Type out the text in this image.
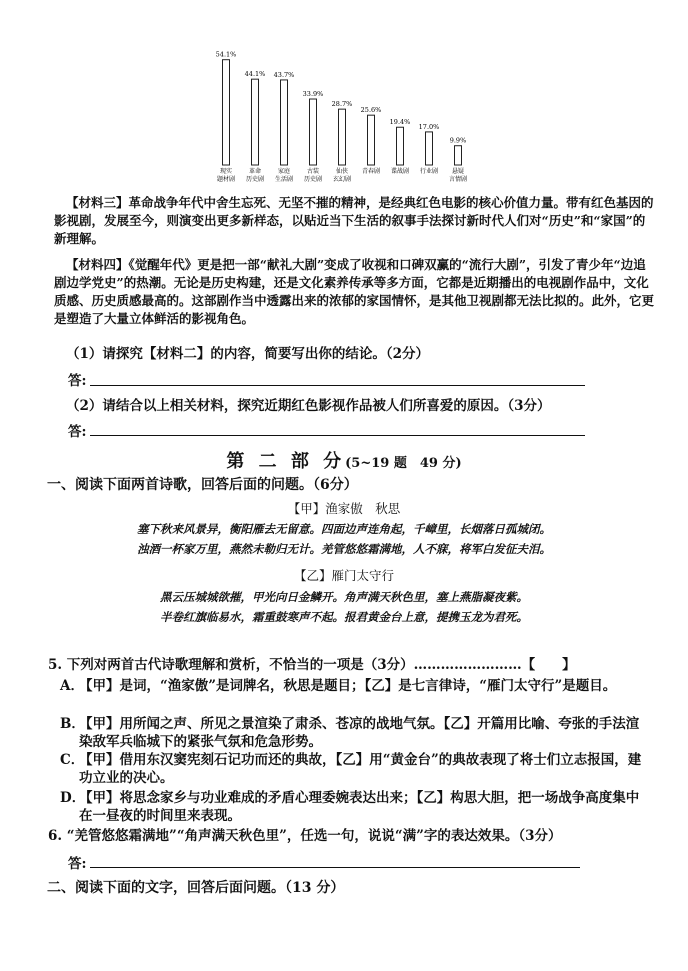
54.1%
现实
题材剧
44.1%
革命
历史剧
43.7%
家庭
生活剧
33.9%
古装
历史剧
28.7%
仙侠
玄幻剧
25.6%
青春剧
19.4%
谍战剧
17.0%
行业剧
9.9%
悬疑
言情剧
【材料三】革命战争年代中舍生忘死、无坚不摧的精神，是经典红色电影的核心价值力量。带有红色基因的影视剧，发展至今，则演变出更多新样态，以贴近当下生活的叙事手法探讨新时代人们对“历史”和“家国”的新理解。
【材料四】《觉醒年代》更是把一部“献礼大剧”变成了收视和口碑双赢的“流行大剧”，引发了青少年“边追剧边学党史”的热潮。无论是历史构建，还是文化素养传承等多方面，它都是近期播出的电视剧作品中，文化质感、历史质感最高的。这部剧作当中透露出来的浓郁的家国情怀，是其他卫视剧都无法比拟的。此外，它更是塑造了大量立体鲜活的影视角色。
（1）请探究【材料二】的内容，简要写出你的结论。（2分）
答:
（2）请结合以上相关材料，探究近期红色影视作品被人们所喜爱的原因。（3分）
答:
第 二 部 分(5~19 题　49 分)
一、阅读下面两首诗歌，回答后面的问题。（6分）
【甲】渔家傲　秋思
塞下秋来风景异，衡阳雁去无留意。四面边声连角起，千嶂里，长烟落日孤城闭。
浊酒一杯家万里，燕然未勒归无计。羌管悠悠霜满地，人不寐，将军白发征夫泪。
【乙】雁门太守行
黑云压城城欲摧，甲光向日金鳞开。角声满天秋色里，塞上燕脂凝夜紫。
半卷红旗临易水，霜重鼓寒声不起。报君黄金台上意，提携玉龙为君死。
5. 下列对两首古代诗歌理解和赏析，不恰当的一项是（3分）……………………【　　】
A．
【甲】是词，“渔家傲”是词牌名，秋思是题目；【乙】是七言律诗，“雁门太守行”是题目。
B．
【甲】用所闻之声、所见之景渲染了肃杀、苍凉的战地气氛。【乙】开篇用比喻、夸张的手法渲染敌军兵临城下的紧张气氛和危急形势。
C．
【甲】借用东汉窦宪刻石记功而还的典故，【乙】用“黄金台”的典故表现了将士们立志报国，建功立业的决心。
D．
【甲】将思念家乡与功业难成的矛盾心理委婉表达出来；【乙】构思大胆，把一场战争高度集中在一昼夜的时间里来表现。
6. “羌管悠悠霜满地”“角声满天秋色里”，任选一句，说说“满”字的表达效果。（3分）
答:
二、阅读下面的文字，回答后面问题。（13 分）
